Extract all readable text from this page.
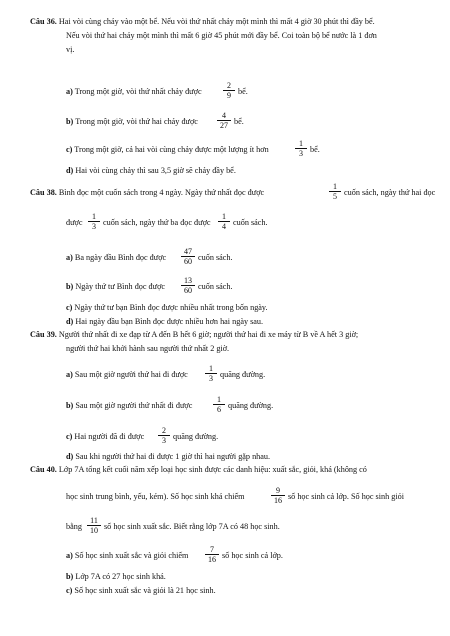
Câu 36. Hai vòi cùng chảy vào một bể. Nếu vòi thứ nhất chảy một mình thì mất 4 giờ 30 phút thì đầy bể.
Nếu vòi thứ hai chảy một mình thì mất 6 giờ 45 phút mới đầy bể. Coi toàn bộ bể nước là 1 đơn
vị.
a) Trong một giờ, vòi thứ nhất chảy được	$\frac{2}{9}$ bể.
b) Trong một giờ, vòi thứ hai chảy được $\frac{4}{27}$ bể.
c) Trong một giờ, cả hai vòi cùng chảy được một lượng ít hơn	$\frac{1}{3}$ bể.
d) Hai vòi cùng chảy thì sau 3,5 giờ sẽ chảy đầy bể.
Câu 38. Bình đọc một cuốn sách trong 4 ngày. Ngày thứ nhất đọc được	$\frac{1}{5}$ cuốn sách, ngày thứ hai đọc
được $\frac{1}{3}$ cuốn sách, ngày thứ ba đọc được $\frac{1}{4}$ cuốn sách.
a) Ba ngày đầu Bình đọc được $\frac{47}{60}$ cuốn sách.
b) Ngày thứ tư Bình đọc được $\frac{13}{60}$ cuốn sách.
c) Ngày thứ tư bạn Bình đọc được nhiều nhất trong bốn ngày.
d) Hai ngày đầu bạn Bình đọc được nhiều hơn hai ngày sau.
Câu 39. Người thứ nhất đi xe đạp từ A đến B hết 6 giờ; người thứ hai đi xe máy từ B về A hết 3 giờ;
người thứ hai khởi hành sau người thứ nhất 2 giờ.
a) Sau một giờ người thứ hai đi được $\frac{1}{3}$ quãng đường.
b) Sau một giờ người thứ nhất đi được	$\frac{1}{6}$ quãng đường.
c) Hai người đã đi được $\frac{2}{3}$ quãng đường.
d) Sau khi người thứ hai đi được 1 giờ thì hai người gặp nhau.
Câu 40. Lớp 7A tổng kết cuối năm xếp loại học sinh được các danh hiệu: xuất sắc, giỏi, khá (không có
học sinh trung bình, yếu, kém). Số học sinh khá chiếm	$\frac{9}{16}$ số học sinh cả lớp. Số học sinh giỏi
bằng $\frac{11}{10}$ số học sinh xuất sắc. Biết rằng lớp 7A có 48 học sinh.
a) Số học sinh xuất sắc và giỏi chiếm $\frac{7}{16}$ số học sinh cả lớp.
b) Lớp 7A có 27 học sinh khá.
c) Số học sinh xuất sắc và giỏi là 21 học sinh.
